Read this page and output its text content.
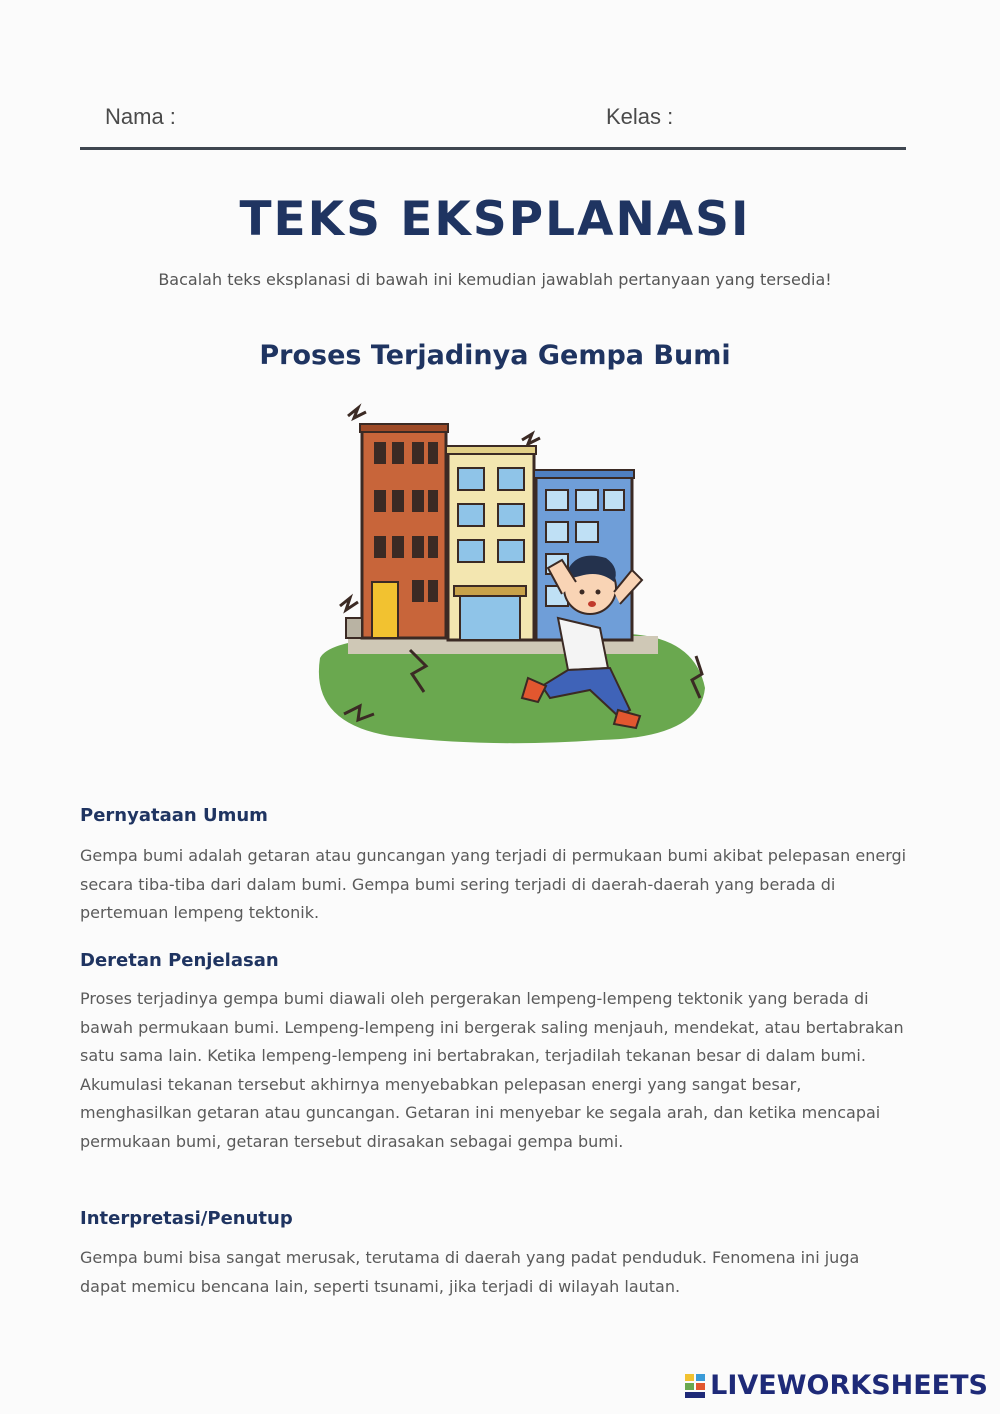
Nama :	Kelas :
TEKS EKSPLANASI
Bacalah teks eksplanasi di bawah ini kemudian jawablah pertanyaan yang tersedia!
Proses Terjadinya Gempa Bumi
Pernyataan Umum
Gempa bumi adalah getaran atau guncangan yang terjadi di permukaan bumi akibat pelepasan energi secara tiba-tiba dari dalam bumi. Gempa bumi sering terjadi di daerah-daerah yang berada di pertemuan lempeng tektonik.
Deretan Penjelasan
Proses terjadinya gempa bumi diawali oleh pergerakan lempeng-lempeng tektonik yang berada di bawah permukaan bumi. Lempeng-lempeng ini bergerak saling menjauh, mendekat, atau bertabrakan satu sama lain. Ketika lempeng-lempeng ini bertabrakan, terjadilah tekanan besar di dalam bumi. Akumulasi tekanan tersebut akhirnya menyebabkan pelepasan energi yang sangat besar, menghasilkan getaran atau guncangan. Getaran ini menyebar ke segala arah, dan ketika mencapai permukaan bumi, getaran tersebut dirasakan sebagai gempa bumi.
Interpretasi/Penutup
Gempa bumi bisa sangat merusak, terutama di daerah yang padat penduduk. Fenomena ini juga dapat memicu bencana lain, seperti tsunami, jika terjadi di wilayah lautan.
LIVEWORKSHEETS
